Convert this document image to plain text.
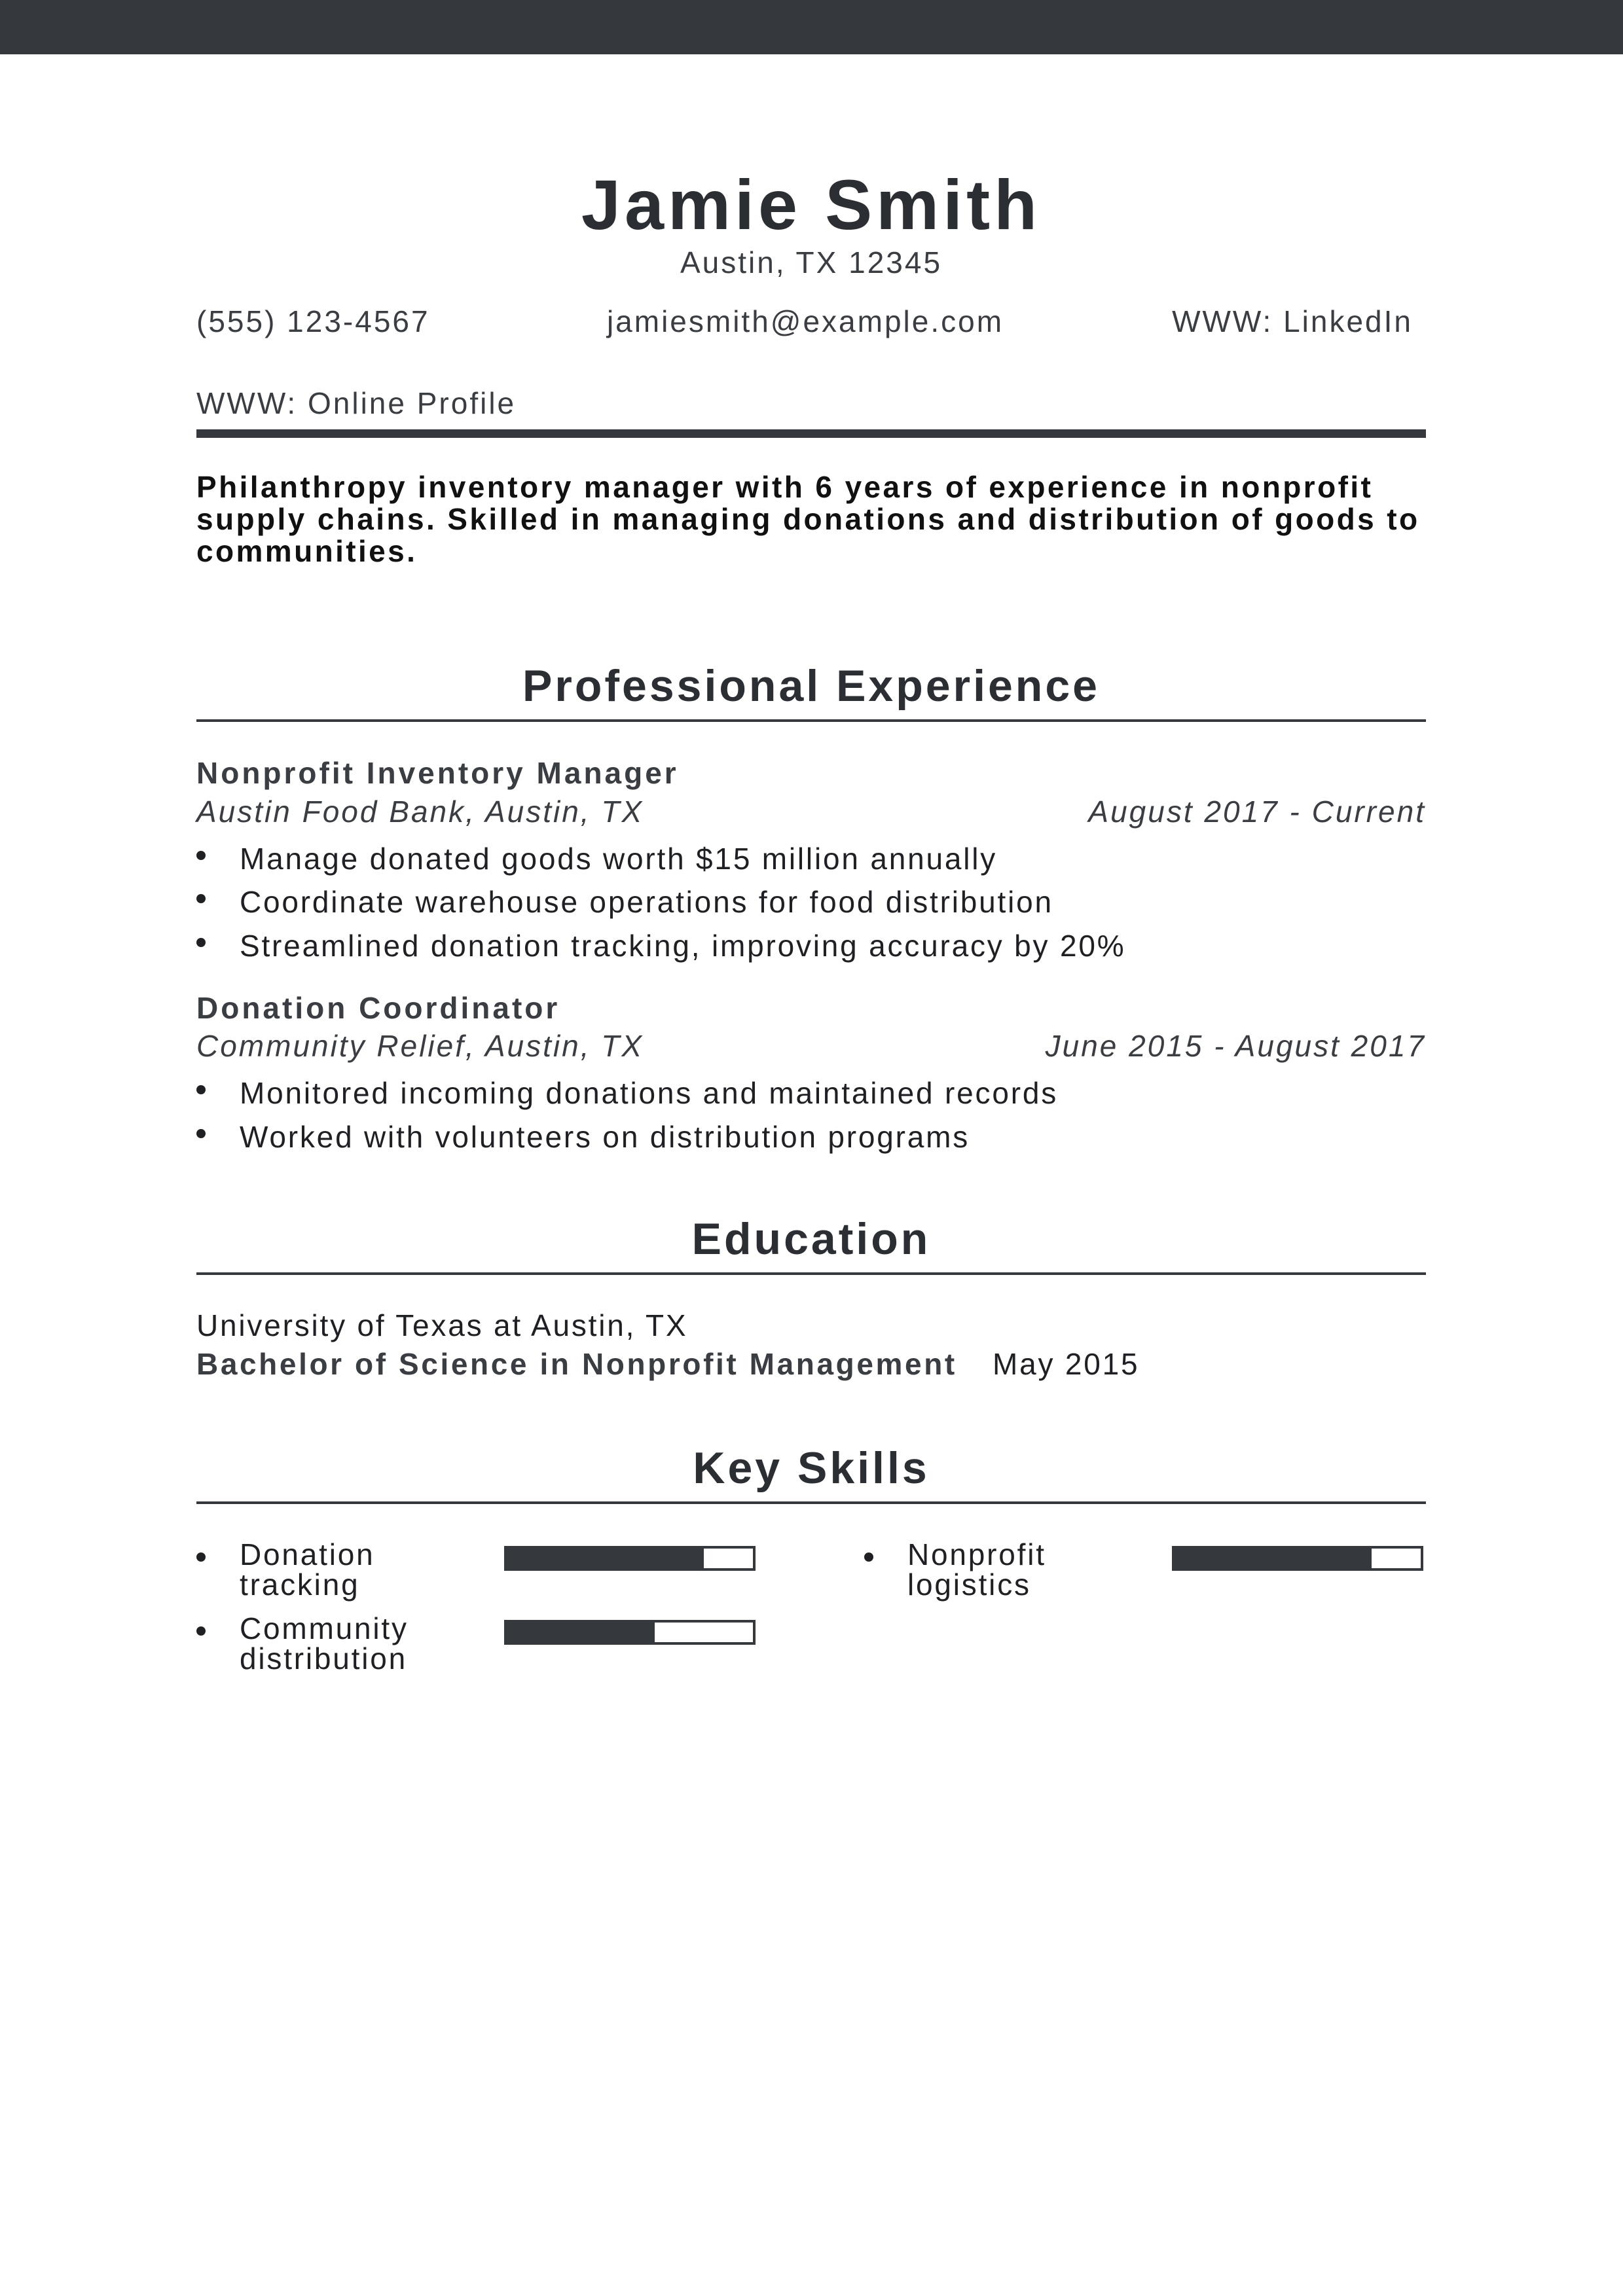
Jamie Smith
Austin, TX 12345
(555) 123-4567	jamiesmith@example.com	WWW: LinkedIn
WWW: Online Profile
Philanthropy inventory manager with 6 years of experience in nonprofit supply chains. Skilled in managing donations and distribution of goods to communities.
Professional Experience
Nonprofit Inventory Manager
Austin Food Bank, Austin, TX	August 2017 - Current
Manage donated goods worth $15 million annually
Coordinate warehouse operations for food distribution
Streamlined donation tracking, improving accuracy by 20%
Donation Coordinator
Community Relief, Austin, TX	June 2015 - August 2017
Monitored incoming donations and maintained records
Worked with volunteers on distribution programs
Education
University of Texas at Austin, TX
Bachelor of Science in Nonprofit Management May 2015
Key Skills
Donation tracking
Nonprofit logistics
Community distribution
